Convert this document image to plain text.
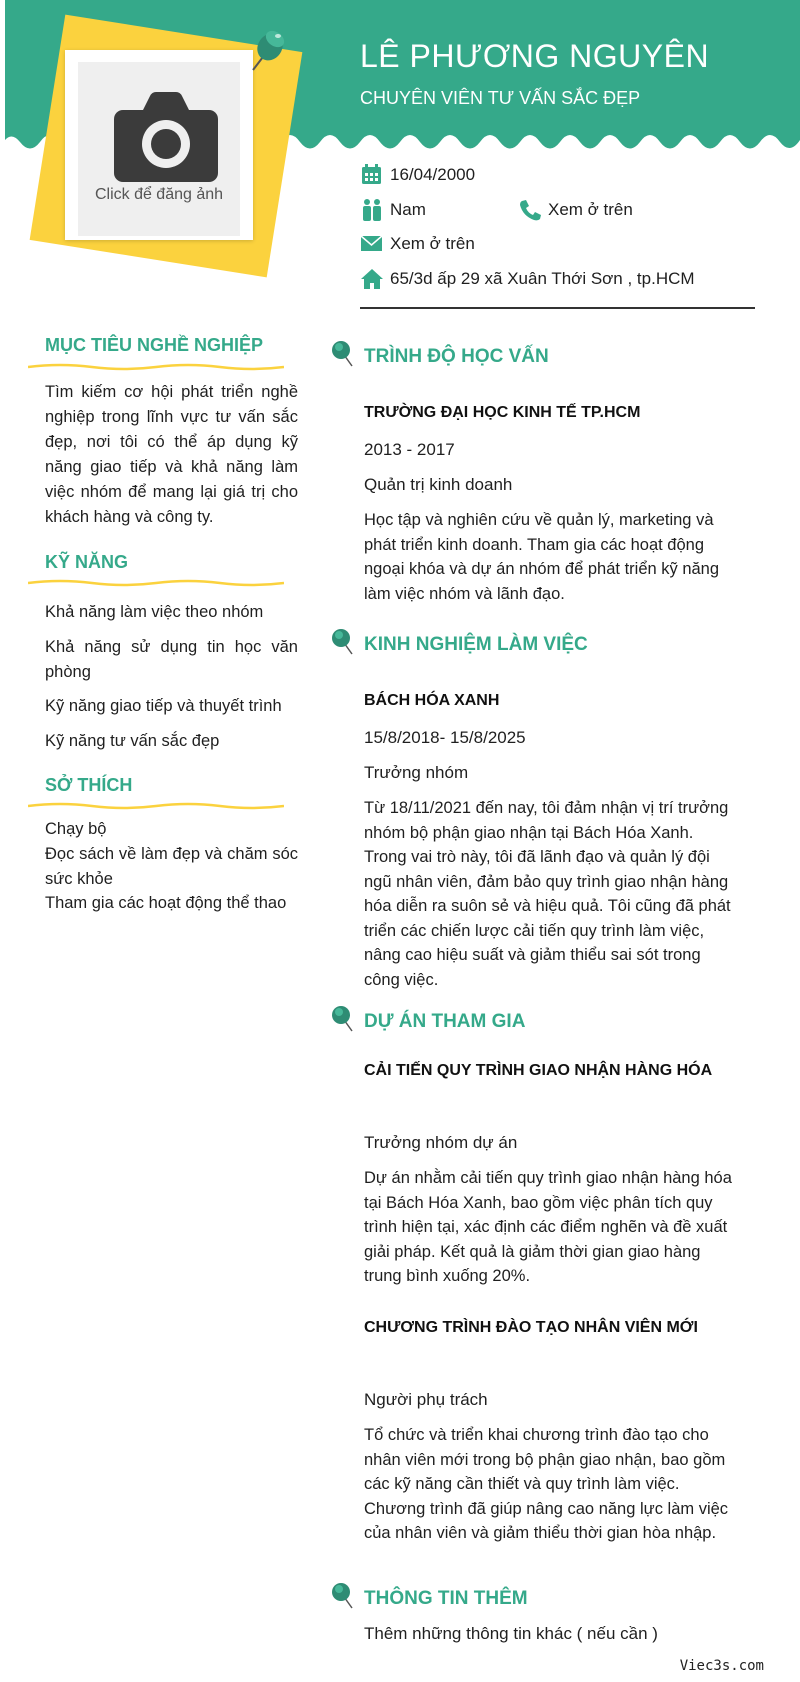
LÊ PHƯƠNG NGUYÊN
CHUYÊN VIÊN TƯ VẤN SẮC ĐẸP
Click để đăng ảnh
16/04/2000
Nam	Xem ở trên
Xem ở trên
65/3d ấp 29 xã Xuân Thới Sơn , tp.HCM
MỤC TIÊU NGHỀ NGHIỆP
Tìm kiếm cơ hội phát triển nghề nghiệp trong lĩnh vực tư vấn sắc đẹp, nơi tôi có thể áp dụng kỹ năng giao tiếp và khả năng làm việc nhóm để mang lại giá trị cho khách hàng và công ty.
KỸ NĂNG
Khả năng làm việc theo nhóm
Khả năng sử dụng tin học văn phòng
Kỹ năng giao tiếp và thuyết trình
Kỹ năng tư vấn sắc đẹp
SỞ THÍCH
Chạy bộ
Đọc sách về làm đẹp và chăm sóc sức khỏe
Tham gia các hoạt động thể thao
TRÌNH ĐỘ HỌC VẤN
TRƯỜNG ĐẠI HỌC KINH TẾ TP.HCM
2013 - 2017
Quản trị kinh doanh
Học tập và nghiên cứu về quản lý, marketing và phát triển kinh doanh. Tham gia các hoạt động ngoại khóa và dự án nhóm để phát triển kỹ năng làm việc nhóm và lãnh đạo.
KINH NGHIỆM LÀM VIỆC
BÁCH HÓA XANH
15/8/2018- 15/8/2025
Trưởng nhóm
Từ 18/11/2021 đến nay, tôi đảm nhận vị trí trưởng nhóm bộ phận giao nhận tại Bách Hóa Xanh. Trong vai trò này, tôi đã lãnh đạo và quản lý đội ngũ nhân viên, đảm bảo quy trình giao nhận hàng hóa diễn ra suôn sẻ và hiệu quả. Tôi cũng đã phát triển các chiến lược cải tiến quy trình làm việc, nâng cao hiệu suất và giảm thiểu sai sót trong công việc.
DỰ ÁN THAM GIA
CẢI TIẾN QUY TRÌNH GIAO NHẬN HÀNG HÓA
Trưởng nhóm dự án
Dự án nhằm cải tiến quy trình giao nhận hàng hóa tại Bách Hóa Xanh, bao gồm việc phân tích quy trình hiện tại, xác định các điểm nghẽn và đề xuất giải pháp. Kết quả là giảm thời gian giao hàng trung bình xuống 20%.
CHƯƠNG TRÌNH ĐÀO TẠO NHÂN VIÊN MỚI
Người phụ trách
Tổ chức và triển khai chương trình đào tạo cho nhân viên mới trong bộ phận giao nhận, bao gồm các kỹ năng cần thiết và quy trình làm việc. Chương trình đã giúp nâng cao năng lực làm việc của nhân viên và giảm thiểu thời gian hòa nhập.
THÔNG TIN THÊM
Thêm những thông tin khác ( nếu cần )
Viec3s.com
